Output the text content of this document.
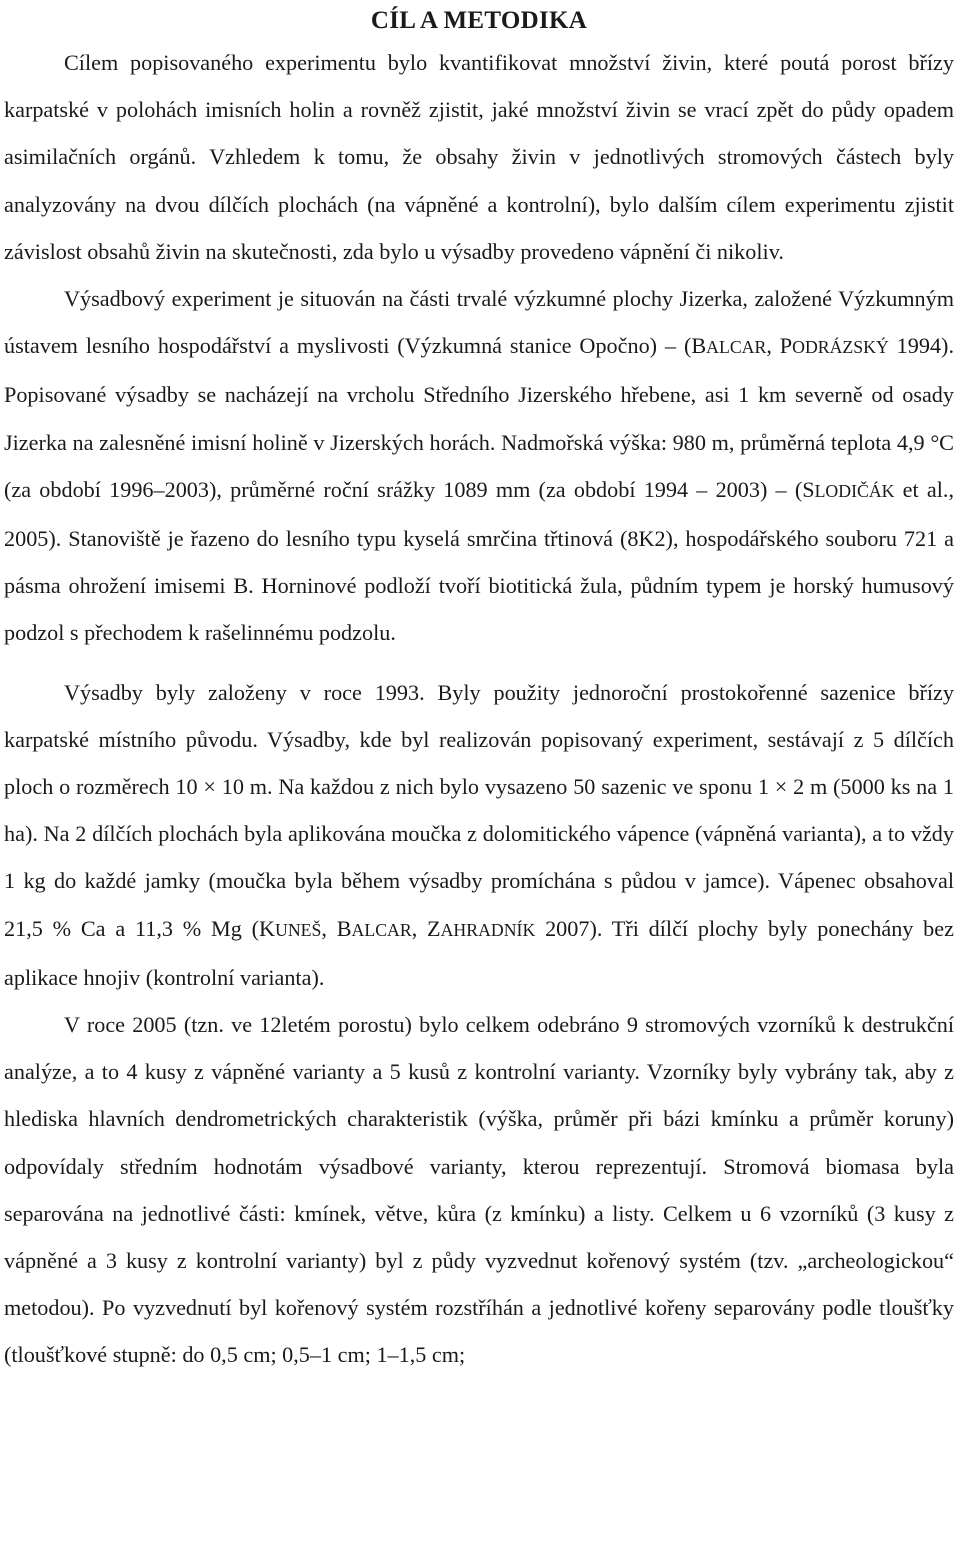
CÍL A METODIKA

Cílem popisovaného experimentu bylo kvantifikovat množství živin, které poutá porost břízy karpatské v polohách imisních holin a rovněž zjistit, jaké množství živin se vrací zpět do půdy opadem asimilačních orgánů. Vzhledem k tomu, že obsahy živin v jednotlivých stromových částech byly analyzovány na dvou dílčích plochách (na vápněné a kontrolní), bylo dalším cílem experimentu zjistit závislost obsahů živin na skutečnosti, zda bylo u výsadby provedeno vápnění či nikoliv.

Výsadbový experiment je situován na části trvalé výzkumné plochy Jizerka, založené Výzkumným ústavem lesního hospodářství a myslivosti (Výzkumná stanice Opočno) – (BALCAR, PODRÁZSKÝ 1994). Popisované výsadby se nacházejí na vrcholu Středního Jizerského hřebene, asi 1 km severně od osady Jizerka na zalesněné imisní holině v Jizerských horách. Nadmořská výška: 980 m, průměrná teplota 4,9 °C (za období 1996–2003), průměrné roční srážky 1089 mm (za období 1994 – 2003) – (SLODIČÁK et al., 2005). Stanoviště je řazeno do lesního typu kyselá smrčina třtinová (8K2), hospodářského souboru 721 a pásma ohrožení imisemi B. Horninové podloží tvoří biotitická žula, půdním typem je horský humusový podzol s přechodem k rašelinnému podzolu.

Výsadby byly založeny v roce 1993. Byly použity jednoroční prostokořenné sazenice břízy karpatské místního původu. Výsadby, kde byl realizován popisovaný experiment, sestávají z 5 dílčích ploch o rozměrech 10 × 10 m. Na každou z nich bylo vysazeno 50 sazenic ve sponu 1 × 2 m (5000 ks na 1 ha). Na 2 dílčích plochách byla aplikována moučka z dolomitického vápence (vápněná varianta), a to vždy 1 kg do každé jamky (moučka byla během výsadby promíchána s půdou v jamce). Vápenec obsahoval 21,5 % Ca a 11,3 % Mg (KUNEŠ, BALCAR, ZAHRADNÍK 2007). Tři dílčí plochy byly ponechány bez aplikace hnojiv (kontrolní varianta).

V roce 2005 (tzn. ve 12letém porostu) bylo celkem odebráno 9 stromových vzorníků k destrukční analýze, a to 4 kusy z vápněné varianty a 5 kusů z kontrolní varianty. Vzorníky byly vybrány tak, aby z hlediska hlavních dendrometrických charakteristik (výška, průměr při bázi kmínku a průměr koruny) odpovídaly středním hodnotám výsadbové varianty, kterou reprezentují. Stromová biomasa byla separována na jednotlivé části: kmínek, větve, kůra (z kmínku) a listy. Celkem u 6 vzorníků (3 kusy z vápněné a 3 kusy z kontrolní varianty) byl z půdy vyzvednut kořenový systém (tzv. „archeologickou“ metodou). Po vyzvednutí byl kořenový systém rozstříhán a jednotlivé kořeny separovány podle tloušťky (tloušťkové stupně: do 0,5 cm; 0,5–1 cm; 1–1,5 cm;
